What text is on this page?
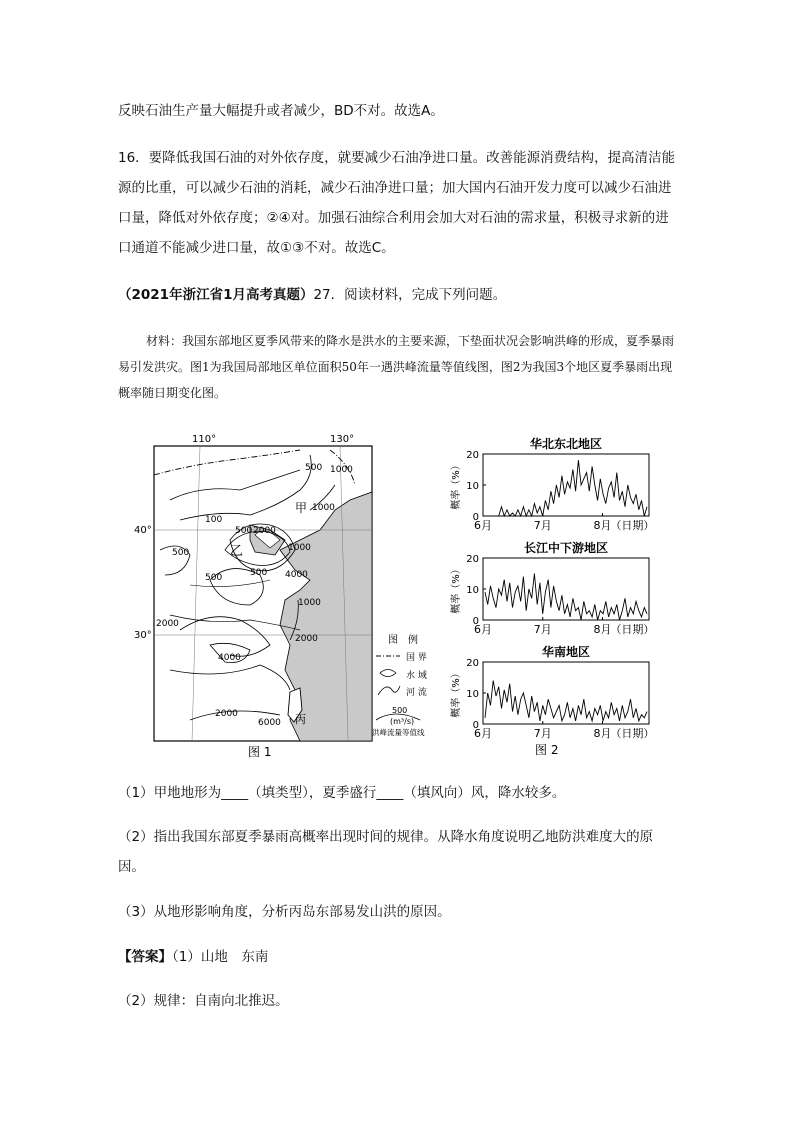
反映石油生产量大幅提升或者减少，BD不对。故选A。

16．要降低我国石油的对外依存度，就要减少石油净进口量。改善能源消费结构，提高清洁能源的比重，可以减少石油的消耗，减少石油净进口量；加大国内石油开发力度可以减少石油进口量，降低对外依存度；②④对。加强石油综合利用会加大对石油的需求量，积极寻求新的进口通道不能减少进口量，故①③不对。故选C。

（2021年浙江省1月高考真题）27．阅读材料，完成下列问题。

材料：我国东部地区夏季风带来的降水是洪水的主要来源，下垫面状况会影响洪峰的形成，夏季暴雨易引发洪灾。图1为我国局部地区单位面积50年一遇洪峰流量等值线图，图2为我国3个地区夏季暴雨出现概率随日期变化图。

110°	130°
40°
30°
500 1000
100
500 2000
1000
500	1000
4000
500
1000
2000
2000
4000
2000
6000
500
甲
乙
丙
图　例
国 界
水 域
河 流
500
(m³/s)
洪峰流量等值线
图 1
华北东北地区
0
10
20
概率（%）
6月	7月	8月
（日期）
长江中下游地区
0
10
20
概率（%）
6月	7月	8月
（日期）
华南地区
0
10
20
概率（%）
6月	7月	8月
（日期）
图 2

（1）甲地地形为____（填类型），夏季盛行____（填风向）风，降水较多。

（2）指出我国东部夏季暴雨高概率出现时间的规律。从降水角度说明乙地防洪难度大的原因。

（3）从地形影响角度，分析丙岛东部易发山洪的原因。

【答案】（1）山地　东南

（2）规律：自南向北推迟。
